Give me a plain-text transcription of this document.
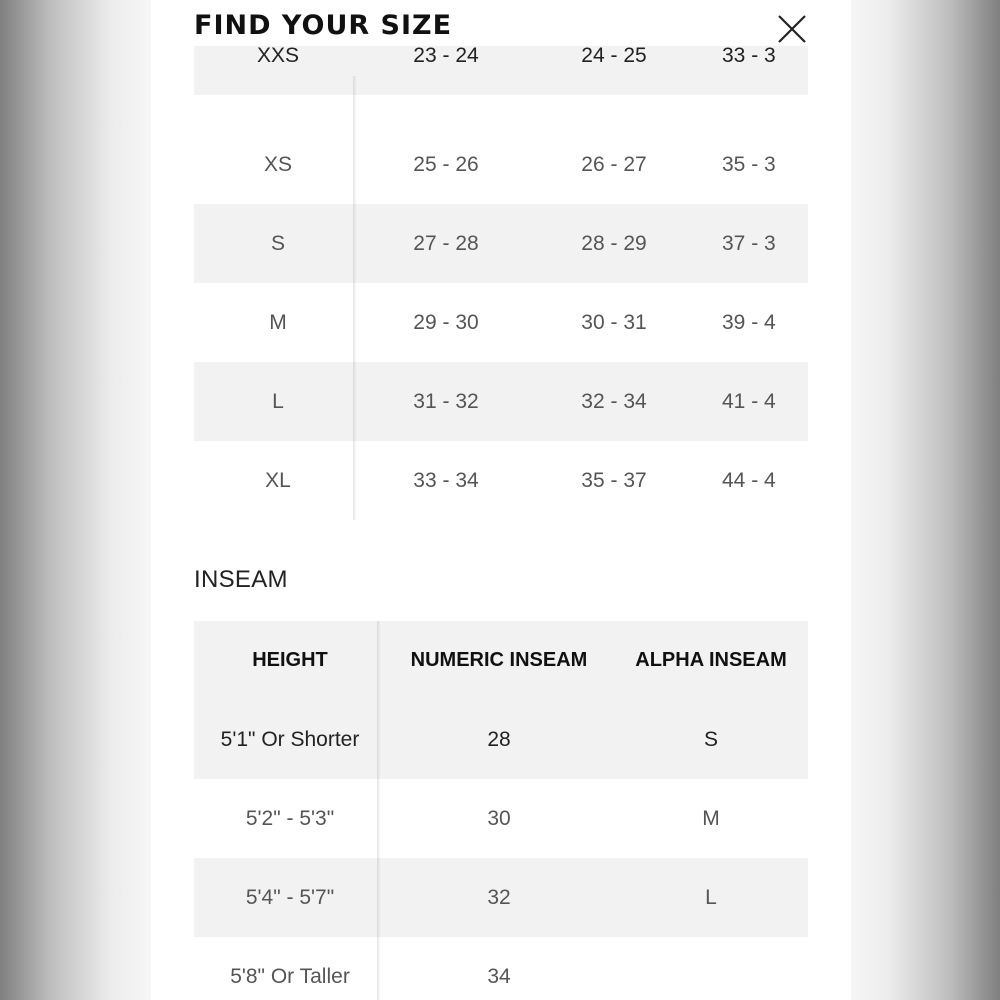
FIND YOUR SIZE
XXS	23 - 24	24 - 25	33 - 3
XS	25 - 26	26 - 27	35 - 3
S	27 - 28	28 - 29	37 - 3
M	29 - 30	30 - 31	39 - 4
L	31 - 32	32 - 34	41 - 4
XL	33 - 34	35 - 37	44 - 4
INSEAM
HEIGHT	NUMERIC INSEAM	ALPHA INSEAM
5'1" Or Shorter	28	S
5'2" - 5'3"	30	M
5'4" - 5'7"	32	L
5'8" Or Taller	34
